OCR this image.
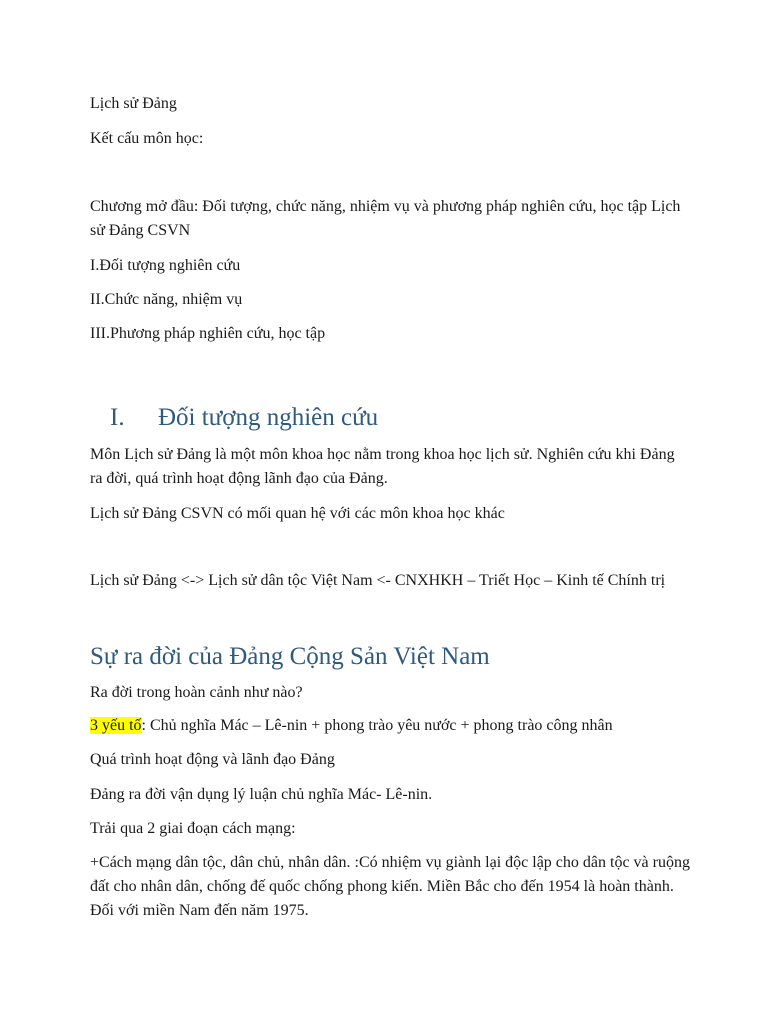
Lịch sử Đảng

Kết cấu môn học:

Chương mở đầu: Đối tượng, chức năng, nhiệm vụ và phương pháp nghiên cứu, học tập Lịch sử Đảng CSVN

I.Đối tượng nghiên cứu

II.Chức năng, nhiệm vụ

III.Phương pháp nghiên cứu, học tập

I. Đối tượng nghiên cứu

Môn Lịch sử Đảng là một môn khoa học nằm trong khoa học lịch sử. Nghiên cứu khi Đảng ra đời, quá trình hoạt động lãnh đạo của Đảng.

Lịch sử Đảng CSVN có mối quan hệ với các môn khoa học khác

Lịch sử Đảng <-> Lịch sử dân tộc Việt Nam <- CNXHKH – Triết Học – Kinh tế Chính trị

Sự ra đời của Đảng Cộng Sản Việt Nam

Ra đời trong hoàn cảnh như nào?

3 yếu tố: Chủ nghĩa Mác – Lê-nin + phong trào yêu nước + phong trào công nhân

Quá trình hoạt động và lãnh đạo Đảng

Đảng ra đời vận dụng lý luận chủ nghĩa Mác- Lê-nin.

Trải qua 2 giai đoạn cách mạng:

+Cách mạng dân tộc, dân chủ, nhân dân. :Có nhiệm vụ giành lại độc lập cho dân tộc và ruộng đất cho nhân dân, chống đế quốc chống phong kiến. Miền Bắc cho đến 1954 là hoàn thành. Đối với miền Nam đến năm 1975.
